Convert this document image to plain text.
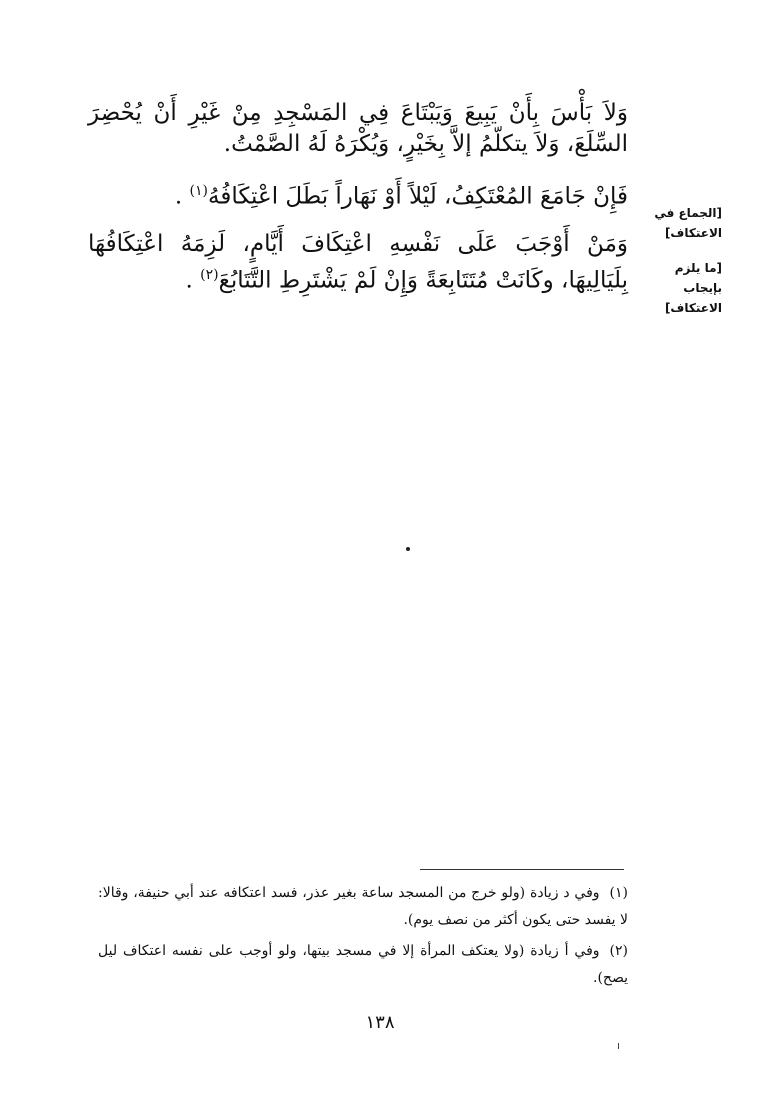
وَلاَ بَأْسَ بِأَنْ يَبِيعَ وَيَبْتَاعَ فِي المَسْجِدِ مِنْ غَيْرِ أَنْ يُحْضِرَ السِّلَعَ، وَلاَ يتكلّمُ إلاَّ بِخَيْرٍ، وَيُكْرَهُ لَهُ الصَّمْتُ.

فَإِنْ جَامَعَ المُعْتَكِفُ، لَيْلاً أَوْ نَهَاراً بَطَلَ اعْتِكَافُهُ$^{(١)}$ .

وَمَنْ أَوْجَبَ عَلَى نَفْسِهِ اعْتِكَافَ أَيَّامٍ، لَزِمَهُ اعْتِكَافُهَا بِلَيَالِيهَا، وكَانَتْ مُتَتَابِعَةً وَإِنْ لَمْ يَشْتَرِطِ التَّتَابُعَ$^{(٢)}$ .

[الجماع في الاعتكاف]
[ما يلزم بإيجاب الاعتكاف]

(١)وفي د زيادة (ولو خرج من المسجد ساعة بغير عذر، فسد اعتكافه عند أبي حنيفة، وقالا: لا يفسد حتى يكون أكثر من نصف يوم).

(٢)وفي أ زيادة (ولا يعتكف المرأة إلا في مسجد بيتها، ولو أوجب على نفسه اعتكاف ليل يصح).

١٣٨
